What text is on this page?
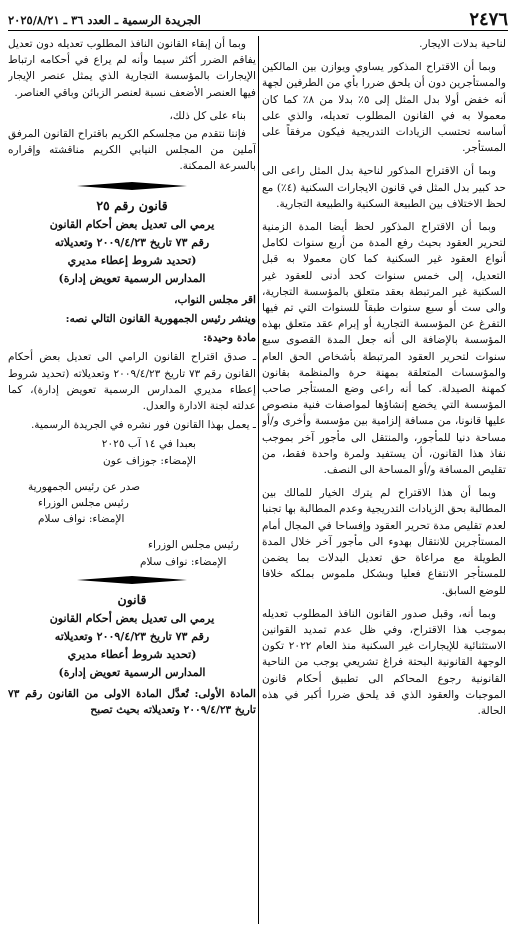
٢٤٧٦
الجريدة الرسمية ـ العدد ٣٦ ـ ٢٠٢٥/٨/٢١

لناحية بدلات الايجار.

وبما أن الاقتراح المذكور يساوي ويوازن بين المالكين والمستأجرين دون أن يلحق ضررا بأي من الطرفين لجهة أنه خفض أولا بدل المثل إلى ٥٪ بدلا من ٨٪ كما كان معمولا به في القانون المطلوب تعديله، والذي على أساسه تحتسب الزيادات التدريجية فيكون مرفقاً على المستأجر.

وبما أن الاقتراح المذكور لناحية بدل المثل راعى الى حد كبير بدل المثل في قانون الايجارات السكنية (٤٪) مع لحظ الاختلاف بين الطبيعة السكنية والطبيعة التجارية.

وبما أن الاقتراح المذكور لحظ أيضا المدة الزمنية لتحرير العقود بحيث رفع المدة من أربع سنوات لكامل أنواع العقود غير السكنية كما كان معمولا به قبل التعديل، إلى خمس سنوات كحد أدنى للعقود غير السكنية غير المرتبطة بعقد متعلق بالمؤسسة التجارية، والى ست أو سبع سنوات طبقاً للسنوات التي تم فيها التفرغ عن المؤسسة التجارية أو إبرام عقد متعلق بهذه المؤسسة بالإضافة الى أنه جعل المدة القصوى سبع سنوات لتحرير العقود المرتبطة بأشخاص الحق العام والمؤسسات المتعلقة بمهنة حرة والمنظمة بقانون كمهنة الصيدلة. كما أنه راعى وضع المستأجر صاحب المؤسسة التي يخضع إنشاؤها لمواصفات فنية منصوص عليها قانونا، من مسافة إلزامية بين مؤسسة وأخرى و/أو مساحة دنيا للمأجور، والمنتقل الى مأجور آخر بموجب نفاذ هذا القانون، أن يستفيد ولمرة واحدة فقط، من تقليص المسافة و/أو المساحة الى النصف.

وبما أن هذا الاقتراح لم يترك الخيار للمالك بين المطالبة بحق الزيادات التدريجية وعدم المطالبة بها تجنبا لعدم تقليص مدة تحرير العقود وإفساحا في المجال أمام المستأجرين للانتقال بهدوء الى مأجور آخر خلال المدة الطويلة مع مراعاة حق تعديل البدلات بما يضمن للمستأجر الانتفاع فعليا وبشكل ملموس بملكه خلافا للوضع السابق.

وبما أنه، وقبل صدور القانون النافذ المطلوب تعديله بموجب هذا الاقتراح، وفي ظل عدم تمديد القوانين الاستثنائية للإيجارات غير السكنية منذ العام ٢٠٢٢ تكون الوجهة القانونية البحتة فراغ تشريعي يوجب من الناحية القانونية رجوع المحاكم الى تطبيق أحكام قانون الموجبات والعقود الذي قد يلحق ضررا أكبر في هذه الحالة.

وبما أن إبقاء القانون النافذ المطلوب تعديله دون تعديل يفاقم الضرر أكثر سيما وأنه لم يراع في أحكامه ارتباط الإيجارات بالمؤسسة التجارية الذي يمثل عنصر الإيجار فيها العنصر الأضعف نسبة لعنصر الزبائن وباقي العناصر.

بناء على كل ذلك،

فإننا نتقدم من مجلسكم الكريم باقتراح القانون المرفق آملين من المجلس النيابي الكريم مناقشته وإقراره بالسرعة الممكنة.

قانون رقم ٢٥
يرمي الى تعديل بعض أحكام القانون
رقم ٧٣ تاريخ ٢٠٠٩/٤/٢٣ وتعديلاته
(تحديد شروط إعطاء مديري
المدارس الرسمية تعويض إدارة)

اقر مجلس النواب،

وينشر رئيس الجمهورية القانون التالي نصه:

مادة وحيدة:

ـ صدق اقتراح القانون الرامي الى تعديل بعض أحكام القانون رقم ٧٣ تاريخ ٢٠٠٩/٤/٢٣ وتعديلاته (تحديد شروط إعطاء مديري المدارس الرسمية تعويض إدارة)، كما عدلته لجنة الادارة والعدل.

ـ يعمل بهذا القانون فور نشره في الجريدة الرسمية.

بعبدا في ١٤ آب ٢٠٢٥

الإمضاء: جوزاف عون

صدر عن رئيس الجمهورية

رئيس مجلس الوزراء

الإمضاء: نواف سلام

رئيس مجلس الوزراء

الإمضاء: نواف سلام

قانون
يرمي الى تعديل بعض أحكام القانون
رقم ٧٣ تاريخ ٢٠٠٩/٤/٢٣ وتعديلاته
(تحديد شروط أعطاء مديري
المدارس الرسمية تعويض إدارة)

المادة الأولى: تُعدَّل المادة الاولى من القانون رقم ٧٣ تاريخ ٢٠٠٩/٤/٢٣ وتعديلاته بحيث تصبح
